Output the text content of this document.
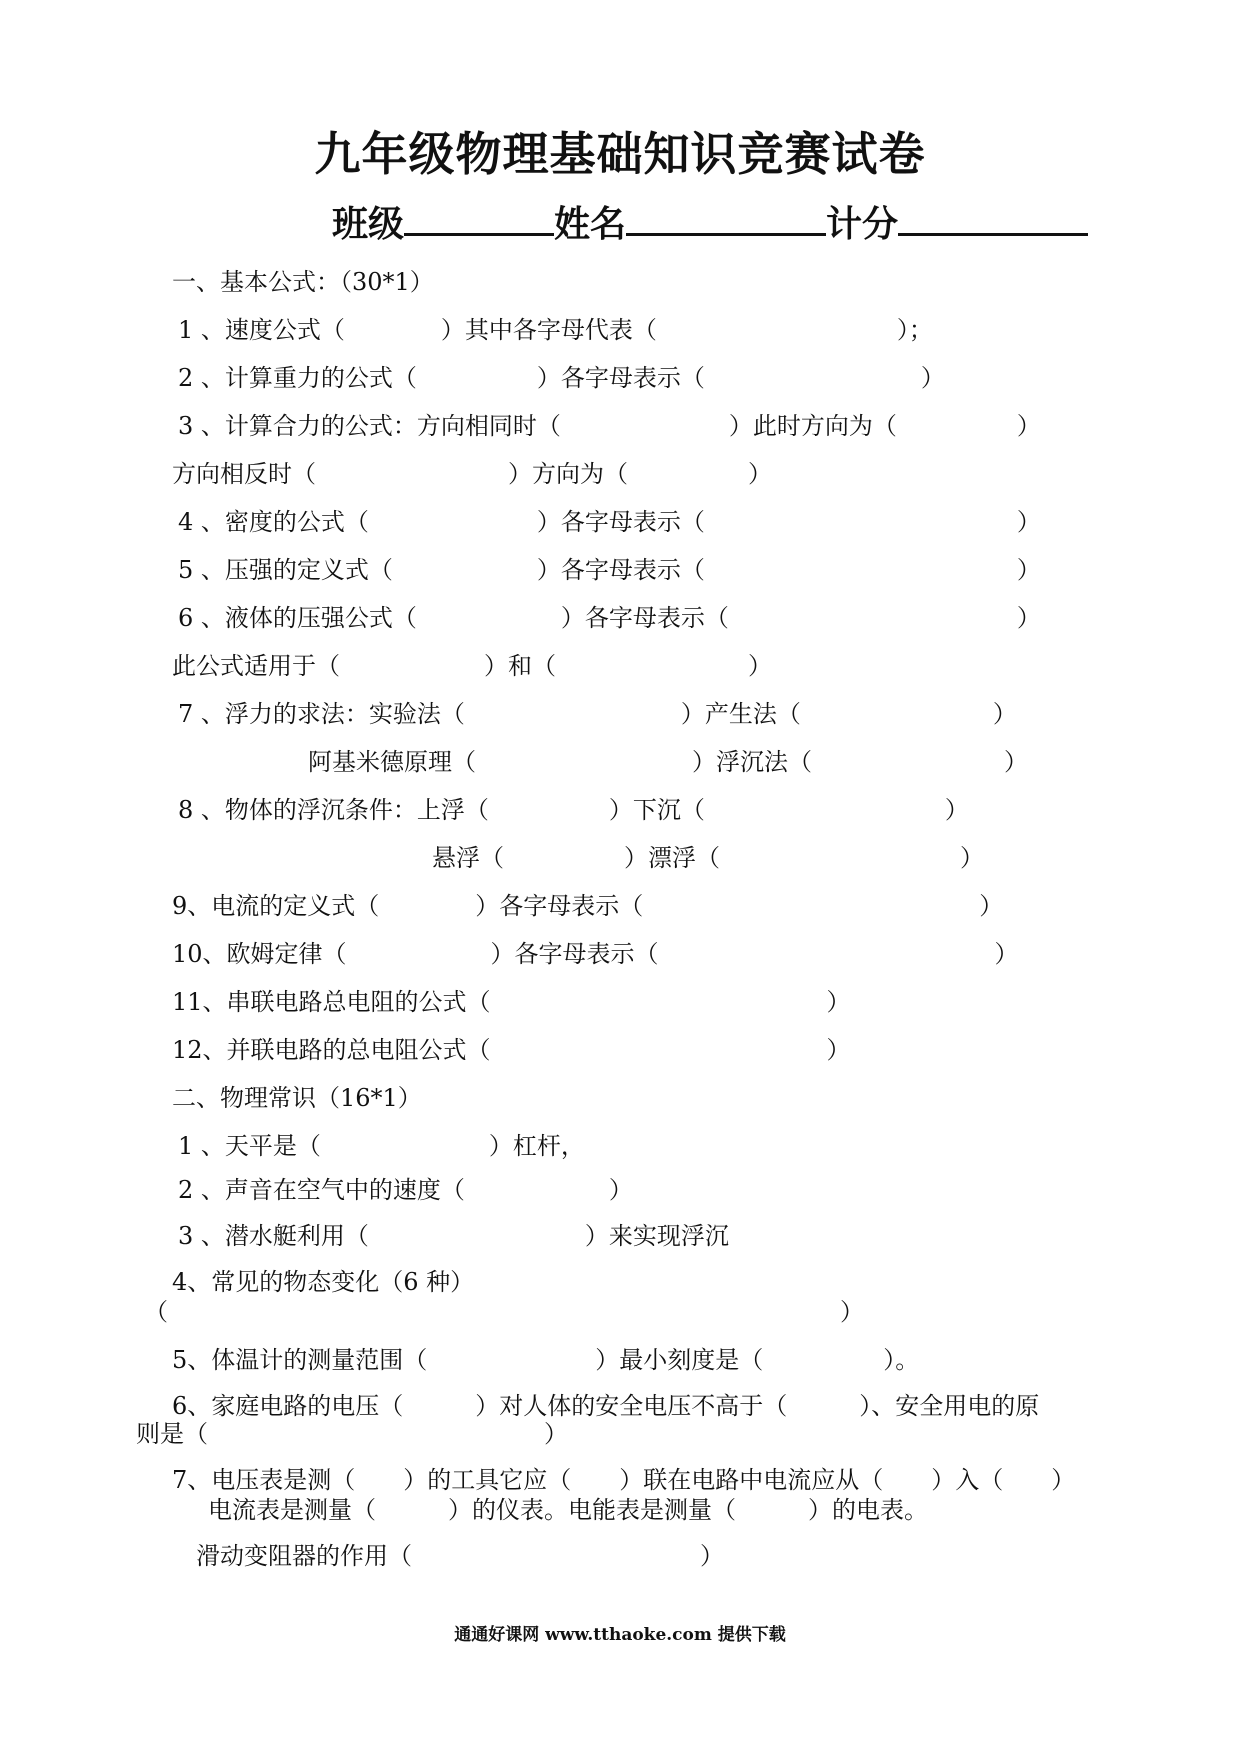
九年级物理基础知识竞赛试卷
班级	姓名	计分
一、基本公式：（30*1）
1 、速度公式（　　　　）其中各字母代表（　　　　　　　　　　）；
2 、计算重力的公式（　　　　　）各字母表示（　　　　　　　　　）
3 、计算合力的公式：方向相同时（　　　　　　　）此时方向为（　　　　　）
方向相反时（　　　　　　　　）方向为（　　　　　）
4 、密度的公式（　　　　　　　）各字母表示（　　　　　　　　　　　　　）
5 、压强的定义式（　　　　　　）各字母表示（　　　　　　　　　　　　　）
6 、液体的压强公式（　　　　　　）各字母表示（　　　　　　　　　　　　）
此公式适用于（　　　　　　）和（　　　　　　　　）
7 、浮力的求法：实验法（　　　　　　　　　）产生法（　　　　　　　　）
阿基米德原理（　　　　　　　　　）浮沉法（　　　　　　　　）
8 、物体的浮沉条件：上浮（　　　　　）下沉（　　　　　　　　　　）
悬浮（　　　　　）漂浮（　　　　　　　　　　）
9、电流的定义式（　　　　）各字母表示（　　　　　　　　　　　　　　）
10、欧姆定律（　　　　　　）各字母表示（　　　　　　　　　　　　　　）
11、串联电路总电阻的公式（　　　　　　　　　　　　　　）
12、并联电路的总电阻公式（　　　　　　　　　　　　　　）
二、物理常识（16*1）
1 、天平是（　　　　　　　）杠杆，
2 、声音在空气中的速度（　　　　　　）
3 、潜水艇利用（　　　　　　　　　）来实现浮沉
4、常见的物态变化（6 种）
（　　　　　　　　　　　　　　　　　　　　　　　　　　　　）
5、体温计的测量范围（　　　　　　　）最小刻度是（　　　　　）。
6、家庭电路的电压（　　　）对人体的安全电压不高于（　　　）、安全用电的原
则是（　　　　　　　　　　　　　　）
7、电压表是测（　　）的工具它应（　　）联在电路中电流应从（　　）入（　　）
电流表是测量（　　　）的仪表。电能表是测量（　　　）的电表。
滑动变阻器的作用（　　　　　　　　　　　　）
通通好课网 www.tthaoke.com 提供下载
